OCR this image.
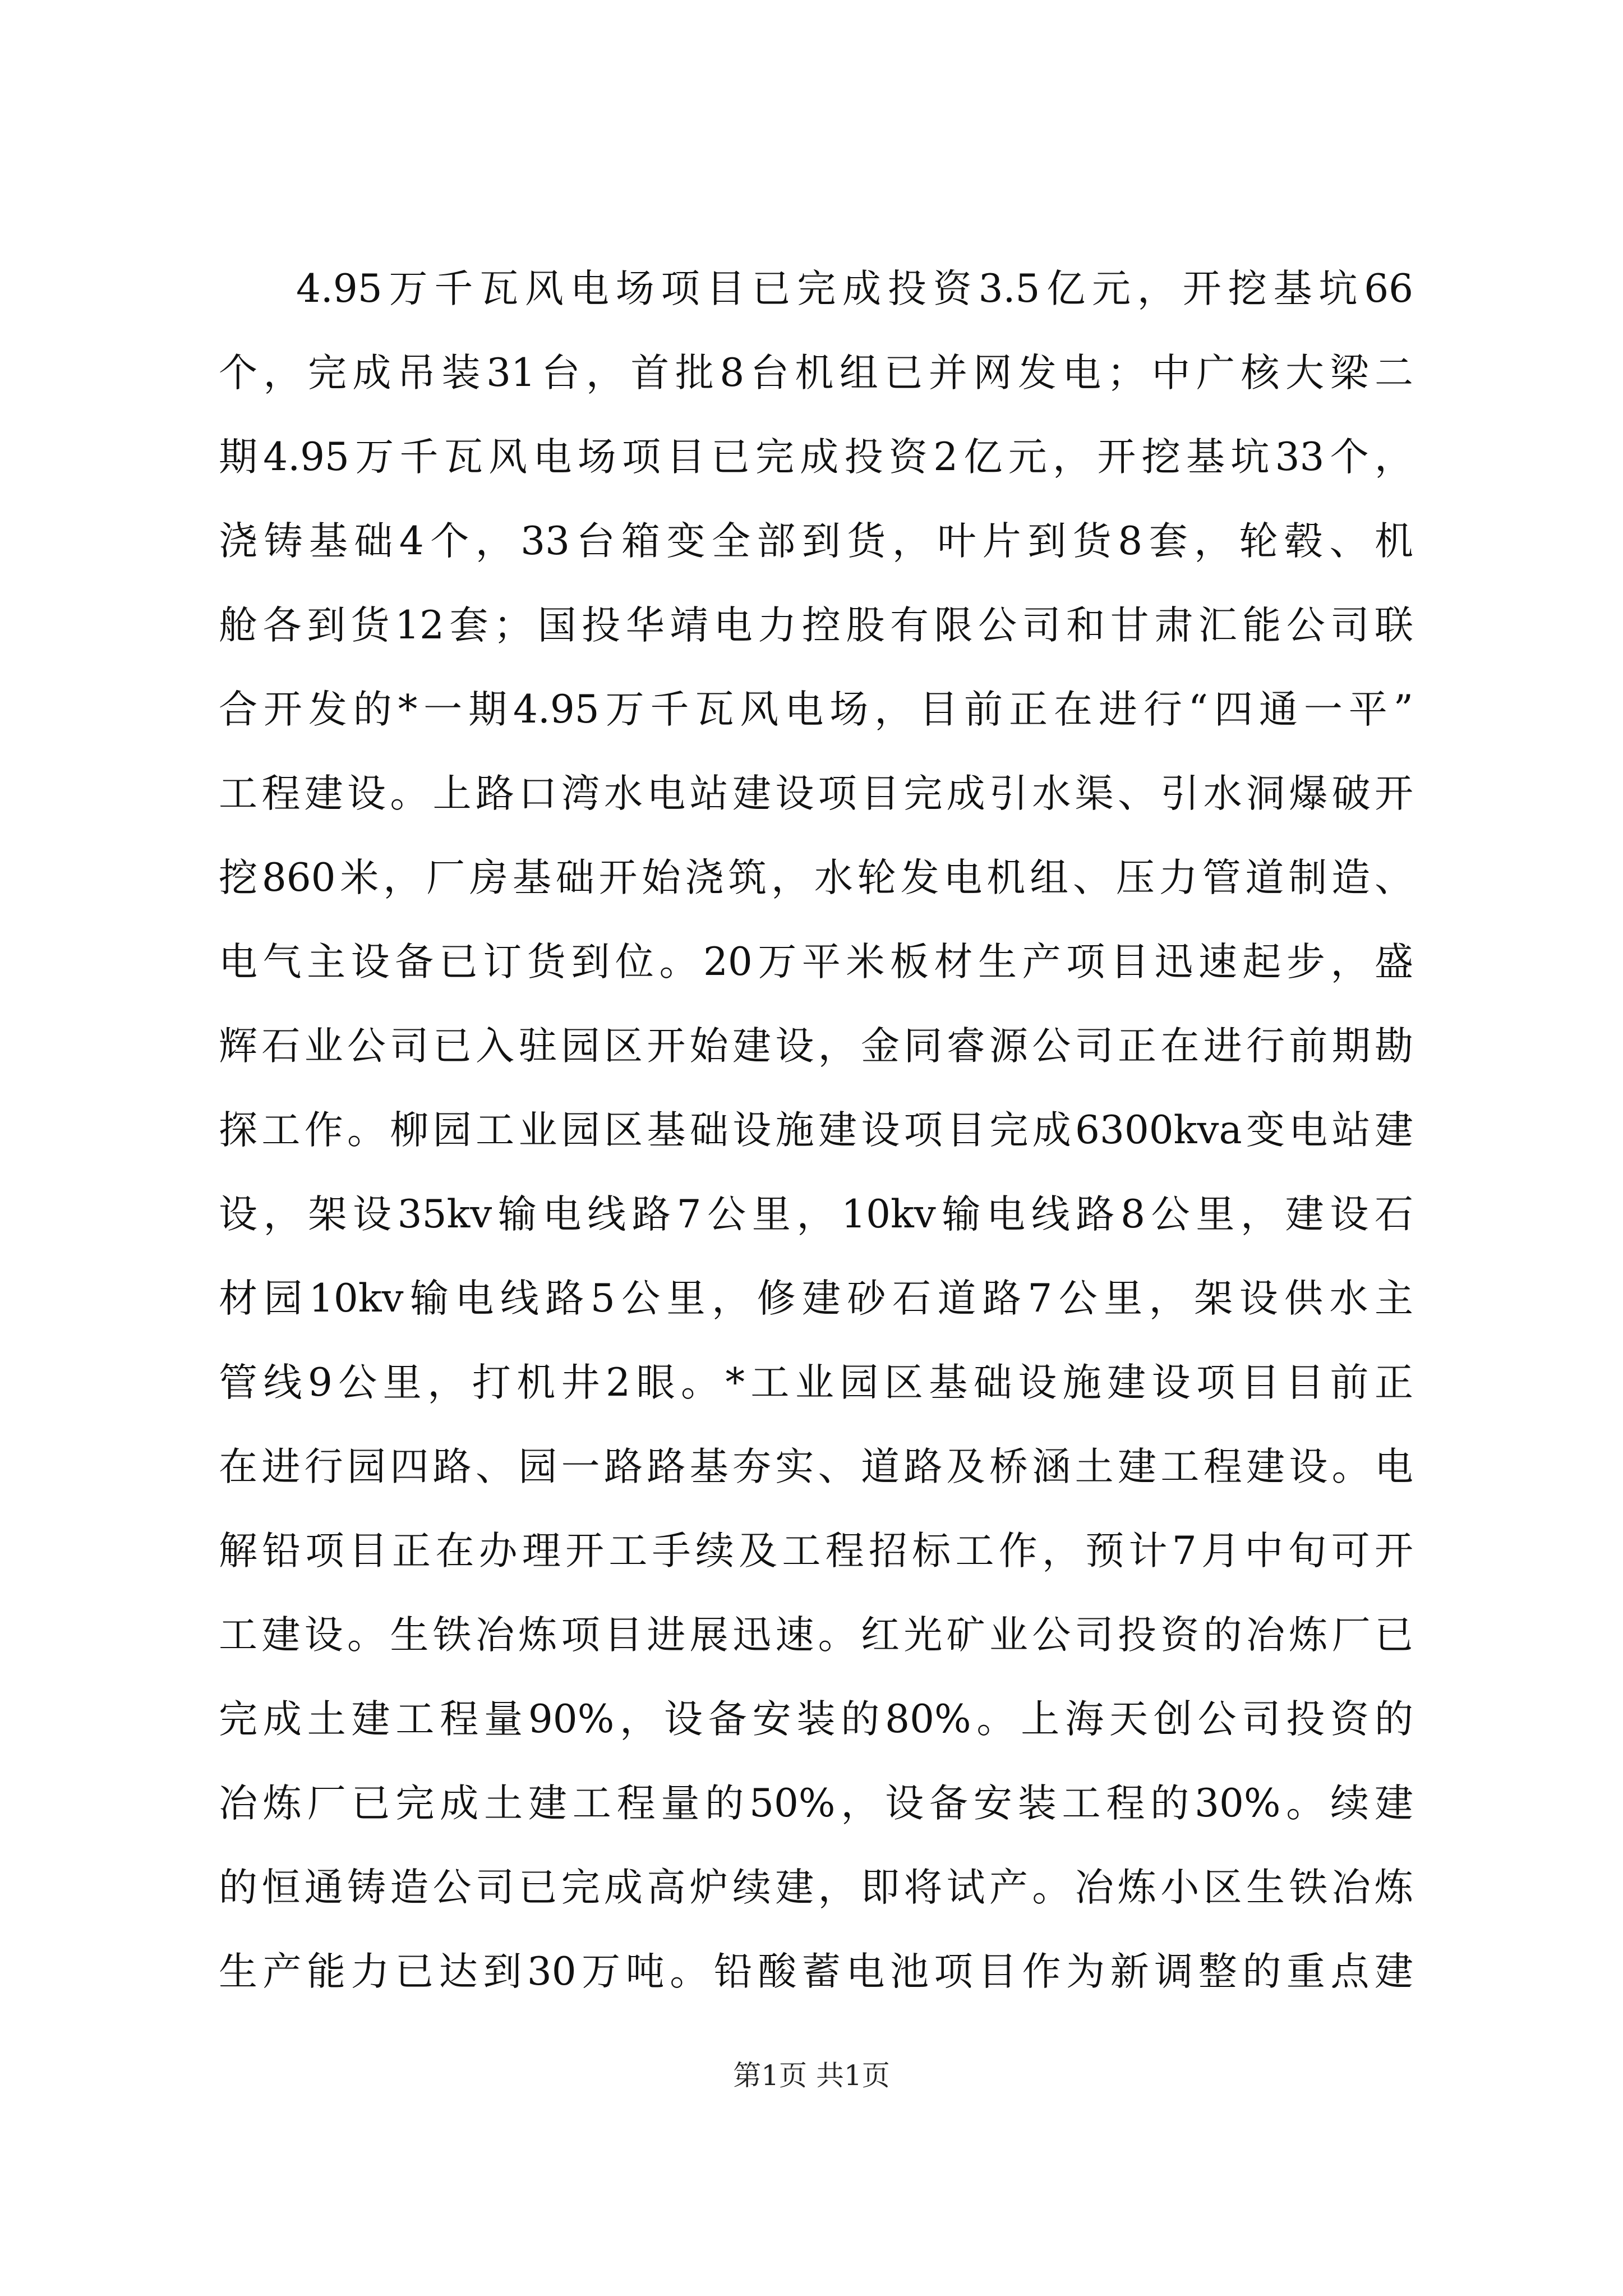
4.95万千瓦风电场项目已完成投资3.5亿元，开挖基坑66
个，完成吊装31台，首批8台机组已并网发电；中广核大梁二
期4.95万千瓦风电场项目已完成投资2亿元，开挖基坑33个，
浇铸基础4个，33台箱变全部到货，叶片到货8套，轮毂、机
舱各到货12套；国投华靖电力控股有限公司和甘肃汇能公司联
合开发的*一期4.95万千瓦风电场，目前正在进行“四通一平”
工程建设。上路口湾水电站建设项目完成引水渠、引水洞爆破开
挖860米，厂房基础开始浇筑，水轮发电机组、压力管道制造、
电气主设备已订货到位。20万平米板材生产项目迅速起步，盛
辉石业公司已入驻园区开始建设，金同睿源公司正在进行前期勘
探工作。柳园工业园区基础设施建设项目完成6300kva变电站建
设，架设35kv输电线路7公里，10kv输电线路8公里，建设石
材园10kv输电线路5公里，修建砂石道路7公里，架设供水主
管线9公里，打机井2眼。*工业园区基础设施建设项目目前正
在进行园四路、园一路路基夯实、道路及桥涵土建工程建设。电
解铅项目正在办理开工手续及工程招标工作，预计7月中旬可开
工建设。生铁冶炼项目进展迅速。红光矿业公司投资的冶炼厂已
完成土建工程量90%，设备安装的80%。上海天创公司投资的
冶炼厂已完成土建工程量的50%，设备安装工程的30%。续建
的恒通铸造公司已完成高炉续建，即将试产。冶炼小区生铁冶炼
生产能力已达到30万吨。铅酸蓄电池项目作为新调整的重点建
第1页 共1页
